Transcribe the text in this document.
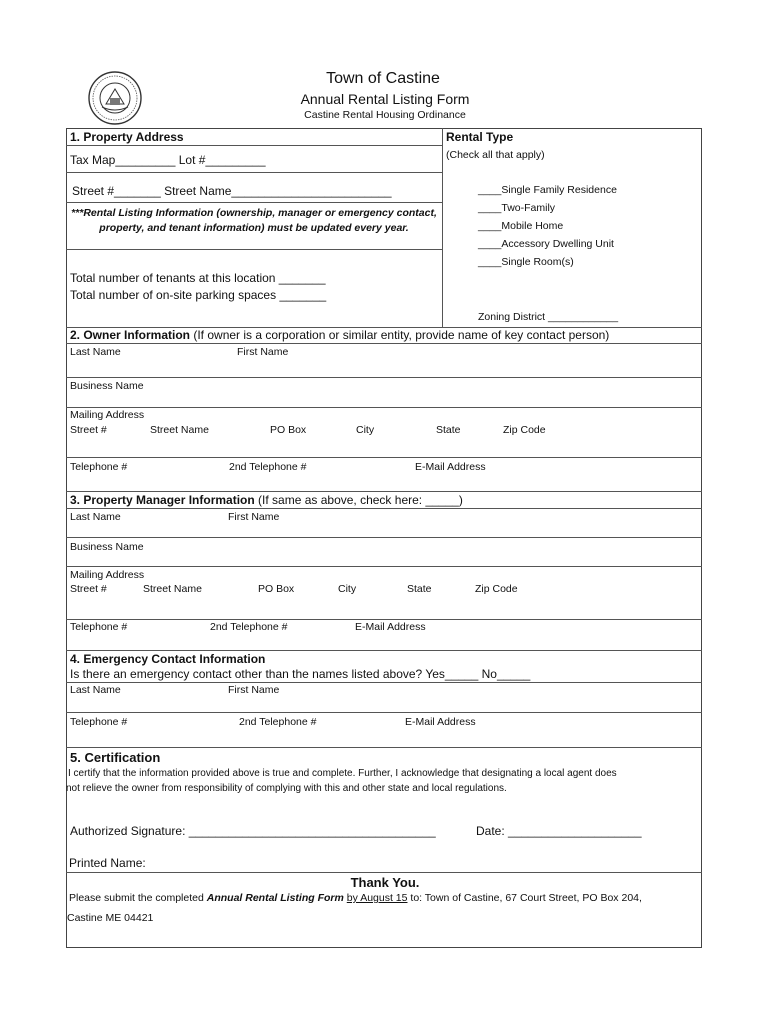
Town of Castine
Annual Rental Listing Form
Castine Rental Housing Ordinance
1. Property Address
Tax Map_________ Lot #_________
Street #_______ Street Name________________________
***Rental Listing Information (ownership, manager or emergency contact, property, and tenant information) must be updated every year.
Total number of tenants at this location _______
Total number of on-site parking spaces _______
Rental Type
(Check all that apply)
____Single Family Residence
____Two-Family
____Mobile Home
____Accessory Dwelling Unit
____Single Room(s)
Zoning District ____________
2. Owner Information (If owner is a corporation or similar entity, provide name of key contact person)
Last Name	First Name
Business Name
Mailing Address
Street #	Street Name	PO Box	City	State	Zip Code
Telephone #	2nd Telephone #	E-Mail Address
3. Property Manager Information (If same as above, check here: _____)
Last Name	First Name
Business Name
Mailing Address
Street #	Street Name	PO Box	City	State	Zip Code
Telephone #	2nd Telephone #	E-Mail Address
4. Emergency Contact Information
Is there an emergency contact other than the names listed above? Yes_____ No_____
Last Name	First Name
Telephone #	2nd Telephone #	E-Mail Address
5. Certification
I certify that the information provided above is true and complete. Further, I acknowledge that designating a local agent does
not relieve the owner from responsibility of complying with this and other state and local regulations.
Authorized Signature: _____________________________________	Date: ____________________
Printed Name:
Thank You.
Please submit the completed Annual Rental Listing Form by August 15 to: Town of Castine, 67 Court Street, PO Box 204,
Castine ME 04421
